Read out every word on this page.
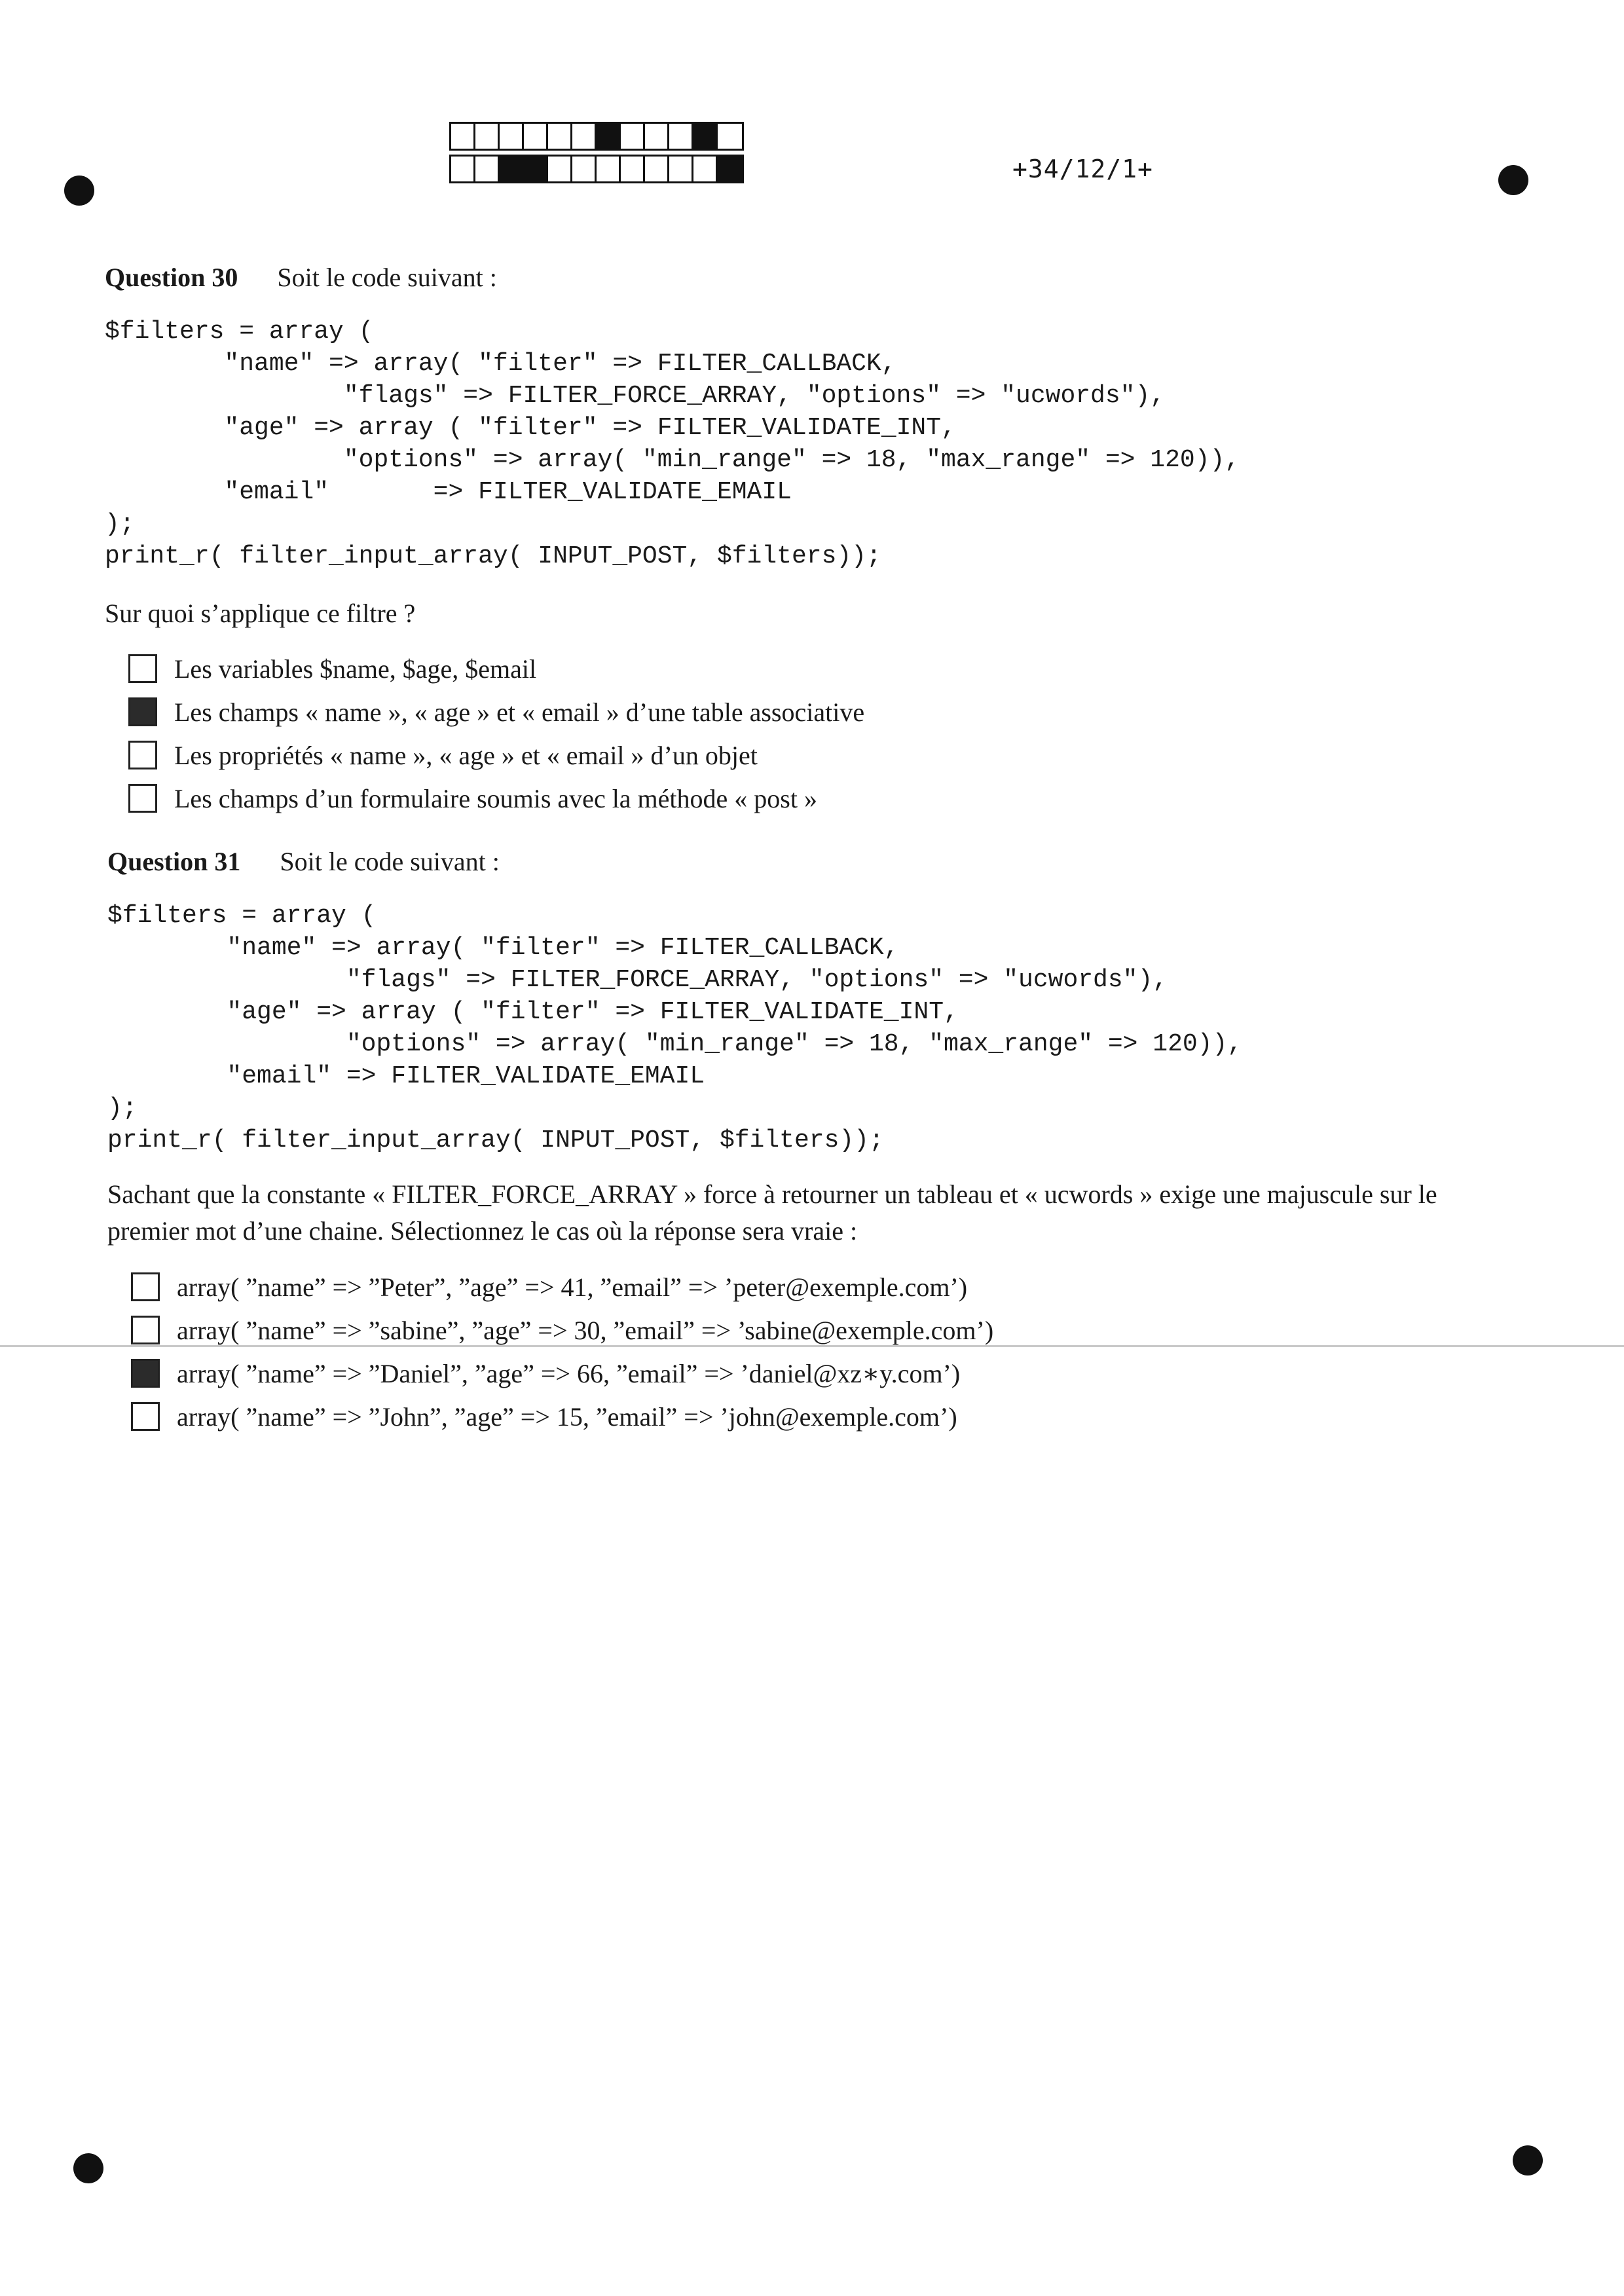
+34/12/1+
Question 30 Soit le code suivant :
$filters = array (
"name" => array( "filter" => FILTER_CALLBACK,
"flags" => FILTER_FORCE_ARRAY, "options" => "ucwords"),
"age" => array ( "filter" => FILTER_VALIDATE_INT,
"options" => array( "min_range" => 18, "max_range" => 120)),
"email"       => FILTER_VALIDATE_EMAIL
);
print_r( filter_input_array( INPUT_POST, $filters));
Sur quoi s’applique ce filtre ?
Les variables $name, $age, $email
Les champs « name », « age » et « email » d’une table associative
Les propriétés « name », « age » et « email » d’un objet
Les champs d’un formulaire soumis avec la méthode « post »
Question 31 Soit le code suivant :
$filters = array (
"name" => array( "filter" => FILTER_CALLBACK,
"flags" => FILTER_FORCE_ARRAY, "options" => "ucwords"),
"age" => array ( "filter" => FILTER_VALIDATE_INT,
"options" => array( "min_range" => 18, "max_range" => 120)),
"email" => FILTER_VALIDATE_EMAIL
);
print_r( filter_input_array( INPUT_POST, $filters));
Sachant que la constante « FILTER_FORCE_ARRAY » force à retourner un tableau et « ucwords » exige une majuscule sur le premier mot d’une chaine. Sélectionnez le cas où la réponse sera vraie :
array( ”name” => ”Peter”, ”age” => 41, ”email” => ’peter@exemple.com’)
array( ”name” => ”sabine”, ”age” => 30, ”email” => ’sabine@exemple.com’)
array( ”name” => ”Daniel”, ”age” => 66, ”email” => ’daniel@xz∗y.com’)
array( ”name” => ”John”, ”age” => 15, ”email” => ’john@exemple.com’)
